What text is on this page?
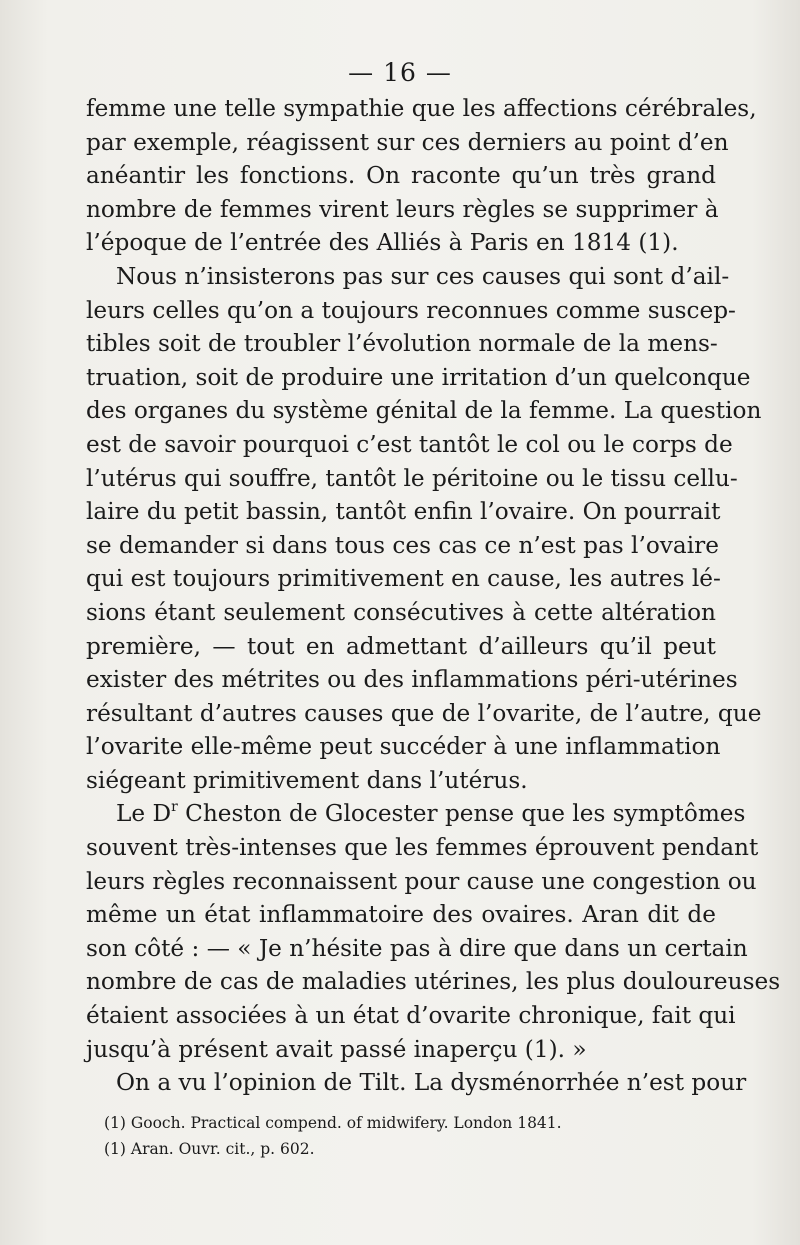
— 16 —
femme une telle sympathie que les affections cérébrales,
par exemple, réagissent sur ces derniers au point d’en
anéantir les fonctions. On raconte qu’un très grand
nombre de femmes virent leurs règles se supprimer à
l’époque de l’entrée des Alliés à Paris en 1814 (1).
Nous n’insisterons pas sur ces causes qui sont d’ail-
leurs celles qu’on a toujours reconnues comme suscep-
tibles soit de troubler l’évolution normale de la mens-
truation, soit de produire une irritation d’un quelconque
des organes du système génital de la femme. La question
est de savoir pourquoi c’est tantôt le col ou le corps de
l’utérus qui souffre, tantôt le péritoine ou le tissu cellu-
laire du petit bassin, tantôt enfin l’ovaire. On pourrait
se demander si dans tous ces cas ce n’est pas l’ovaire
qui est toujours primitivement en cause, les autres lé-
sions étant seulement consécutives à cette altération
première, — tout en admettant d’ailleurs qu’il peut
exister des métrites ou des inflammations péri-utérines
résultant d’autres causes que de l’ovarite, de l’autre, que
l’ovarite elle-même peut succéder à une inflammation
siégeant primitivement dans l’utérus.
Le $D^r$ Cheston de Glocester pense que les symptômes
souvent très-intenses que les femmes éprouvent pendant
leurs règles reconnaissent pour cause une congestion ou
même un état inflammatoire des ovaires. Aran dit de
son côté : — « Je n’hésite pas à dire que dans un certain
nombre de cas de maladies utérines, les plus douloureuses
étaient associées à un état d’ovarite chronique, fait qui
jusqu’à présent avait passé inaperçu (1). »
On a vu l’opinion de Tilt. La dysménorrhée n’est pour
(1) Gooch. Practical compend. of midwifery. London 1841.
(1) Aran. Ouvr. cit., p. 602.
